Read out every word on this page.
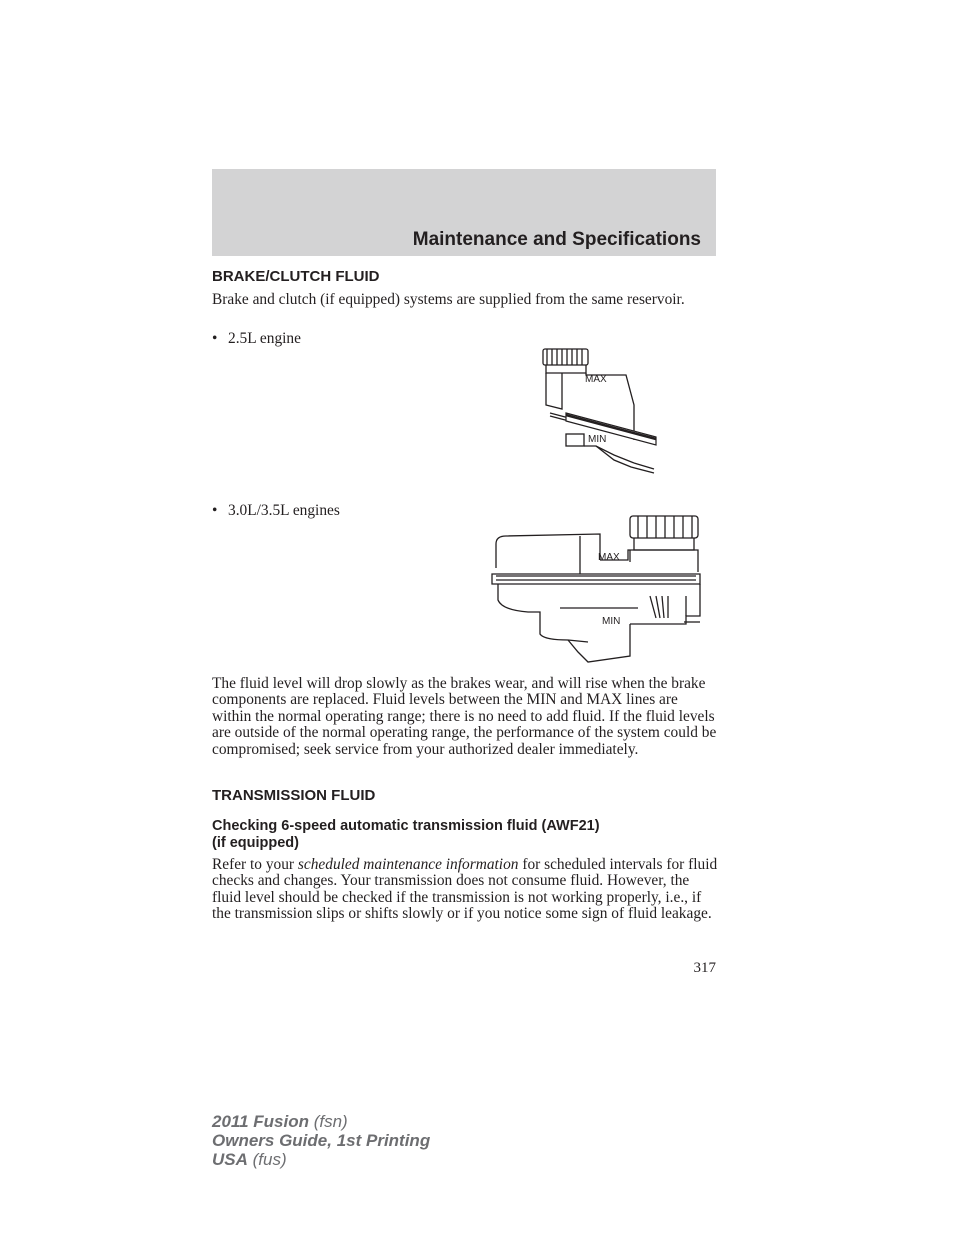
Maintenance and Specifications
BRAKE/CLUTCH FLUID
Brake and clutch (if equipped) systems are supplied from the same reservoir.
• 2.5L engine
MAX
MIN
• 3.0L/3.5L engines
MAX
MIN
The fluid level will drop slowly as the brakes wear, and will rise when the brake components are replaced. Fluid levels between the MIN and MAX lines are within the normal operating range; there is no need to add fluid. If the fluid levels are outside of the normal operating range, the performance of the system could be compromised; seek service from your authorized dealer immediately.
TRANSMISSION FLUID
Checking 6-speed automatic transmission fluid (AWF21)
(if equipped)
Refer to your scheduled maintenance information for scheduled intervals for fluid checks and changes. Your transmission does not consume fluid. However, the fluid level should be checked if the transmission is not working properly, i.e., if the transmission slips or shifts slowly or if you notice some sign of fluid leakage.
317
2011 Fusion (fsn)
Owners Guide, 1st Printing
USA (fus)
